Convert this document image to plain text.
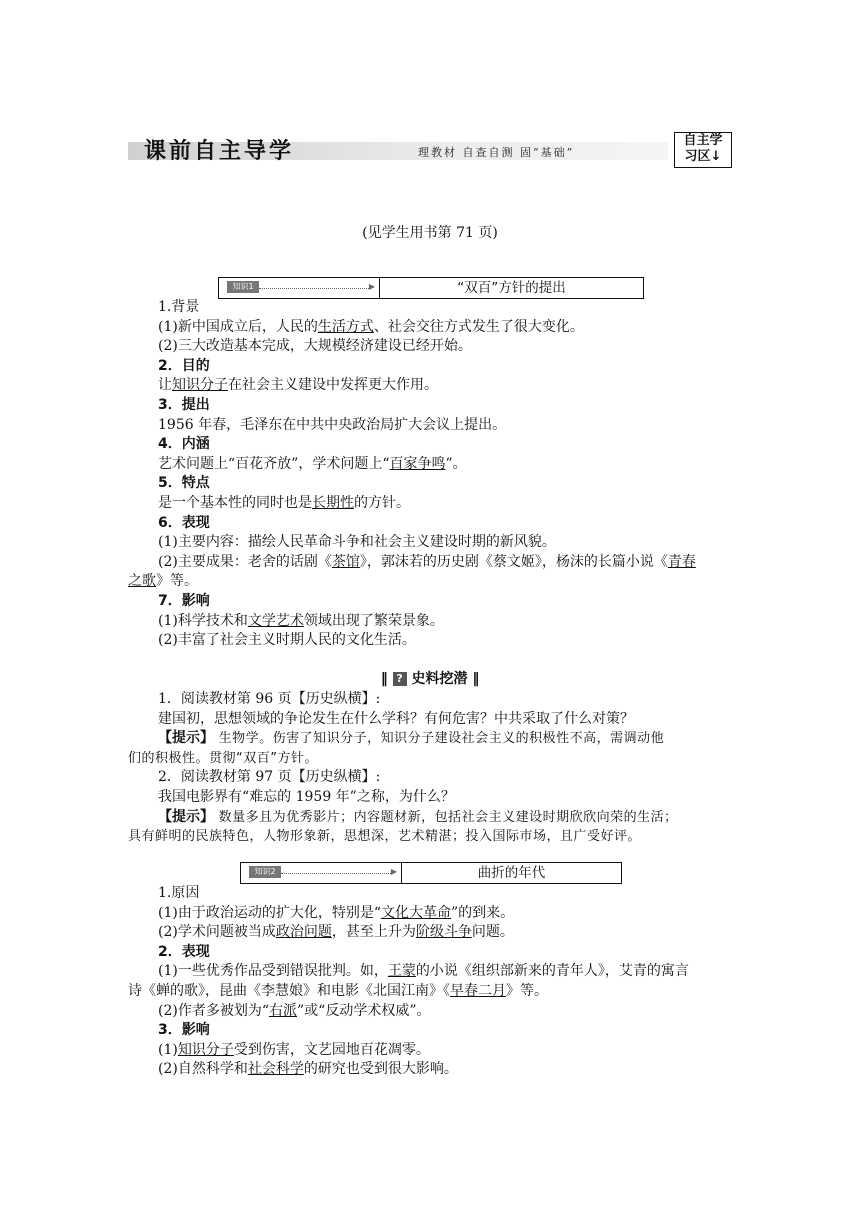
课前自主导学	理教材 自查自测 固“基础”
自主学
习区↓
(见学生用书第 71 页)
知识1	▶	“双百”方针的提出
1.背景
(1)新中国成立后，人民的生活方式、社会交往方式发生了很大变化。
(2)三大改造基本完成，大规模经济建设已经开始。
2．目的
让知识分子在社会主义建设中发挥更大作用。
3．提出
1956 年春，毛泽东在中共中央政治局扩大会议上提出。
4．内涵
艺术问题上“百花齐放”，学术问题上“百家争鸣”。
5．特点
是一个基本性的同时也是长期性的方针。
6．表现
(1)主要内容：描绘人民革命斗争和社会主义建设时期的新风貌。
(2)主要成果：老舍的话剧《茶馆》，郭沫若的历史剧《蔡文姬》，杨沫的长篇小说《青春
之歌》等。
7．影响
(1)科学技术和文学艺术领域出现了繁荣景象。
(2)丰富了社会主义时期人民的文化生活。
‖ ? 史料挖潜 ‖
1．阅读教材第 96 页【历史纵横】:
建国初，思想领域的争论发生在什么学科？有何危害？中共采取了什么对策？
【提示】 生物学。伤害了知识分子，知识分子建设社会主义的积极性不高，需调动他
们的积极性。贯彻“双百”方针。
2．阅读教材第 97 页【历史纵横】:
我国电影界有“难忘的 1959 年”之称，为什么？
【提示】 数量多且为优秀影片；内容题材新，包括社会主义建设时期欣欣向荣的生活；
具有鲜明的民族特色，人物形象新，思想深，艺术精湛；投入国际市场，且广受好评。
知识2	▶	曲折的年代
1.原因
(1)由于政治运动的扩大化，特别是“文化大革命”的到来。
(2)学术问题被当成政治问题，甚至上升为阶级斗争问题。
2．表现
(1)一些优秀作品受到错误批判。如，王蒙的小说《组织部新来的青年人》，艾青的寓言
诗《蝉的歌》，昆曲《李慧娘》和电影《北国江南》《早春二月》等。
(2)作者多被划为“右派”或“反动学术权威”。
3．影响
(1)知识分子受到伤害，文艺园地百花凋零。
(2)自然科学和社会科学的研究也受到很大影响。
